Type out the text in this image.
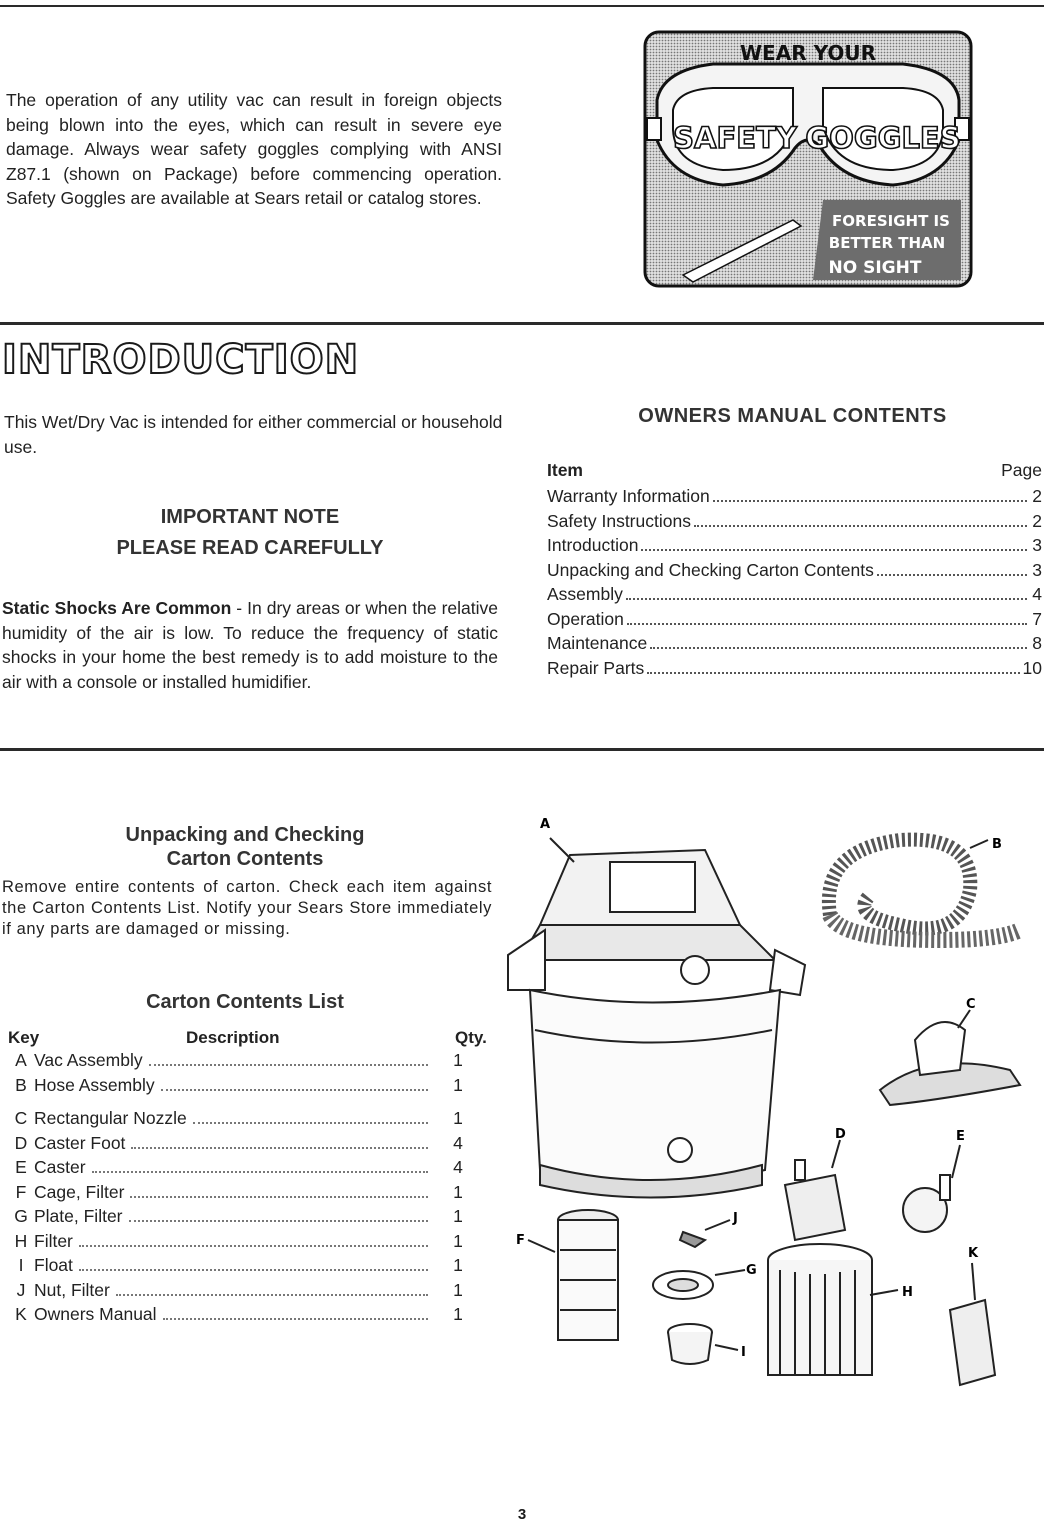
The operation of any utility vac can result in foreign objects being blown into the eyes, which can result in severe eye damage. Always wear safety goggles complying with ANSI Z87.1 (shown on Package) before commencing operation. Safety Goggles are available at Sears retail or catalog stores.
WEAR YOUR
SAFETY GOGGLES
FORESIGHT IS
BETTER THAN
NO SIGHT
INTRODUCTION
This Wet/Dry Vac is intended for either commercial or household use.
IMPORTANT NOTE
PLEASE READ CAREFULLY
Static Shocks Are Common - In dry areas or when the relative humidity of the air is low. To reduce the frequency of static shocks in your home the best remedy is to add moisture to the air with a console or installed humidifier.
OWNERS MANUAL CONTENTS
Item	Page
Warranty Information	2
Safety Instructions	2
Introduction	3
Unpacking and Checking Carton Contents	3
Assembly	4
Operation	7
Maintenance	8
Repair Parts	10
Unpacking and Checking
Carton Contents
Remove entire contents of carton. Check each item against the Carton Contents List. Notify your Sears Store immediately if any parts are damaged or missing.
Carton Contents List
Key	Description	Qty.
A Vac Assembly	1
B Hose Assembly	1
C Rectangular Nozzle	1
D Caster Foot	4
E Caster	4
F Cage, Filter	1
G Plate, Filter	1
H Filter	1
I Float	1
J Nut, Filter	1
K Owners Manual	1
A
B
C
D	E
F
G
H
I
J
K
3
